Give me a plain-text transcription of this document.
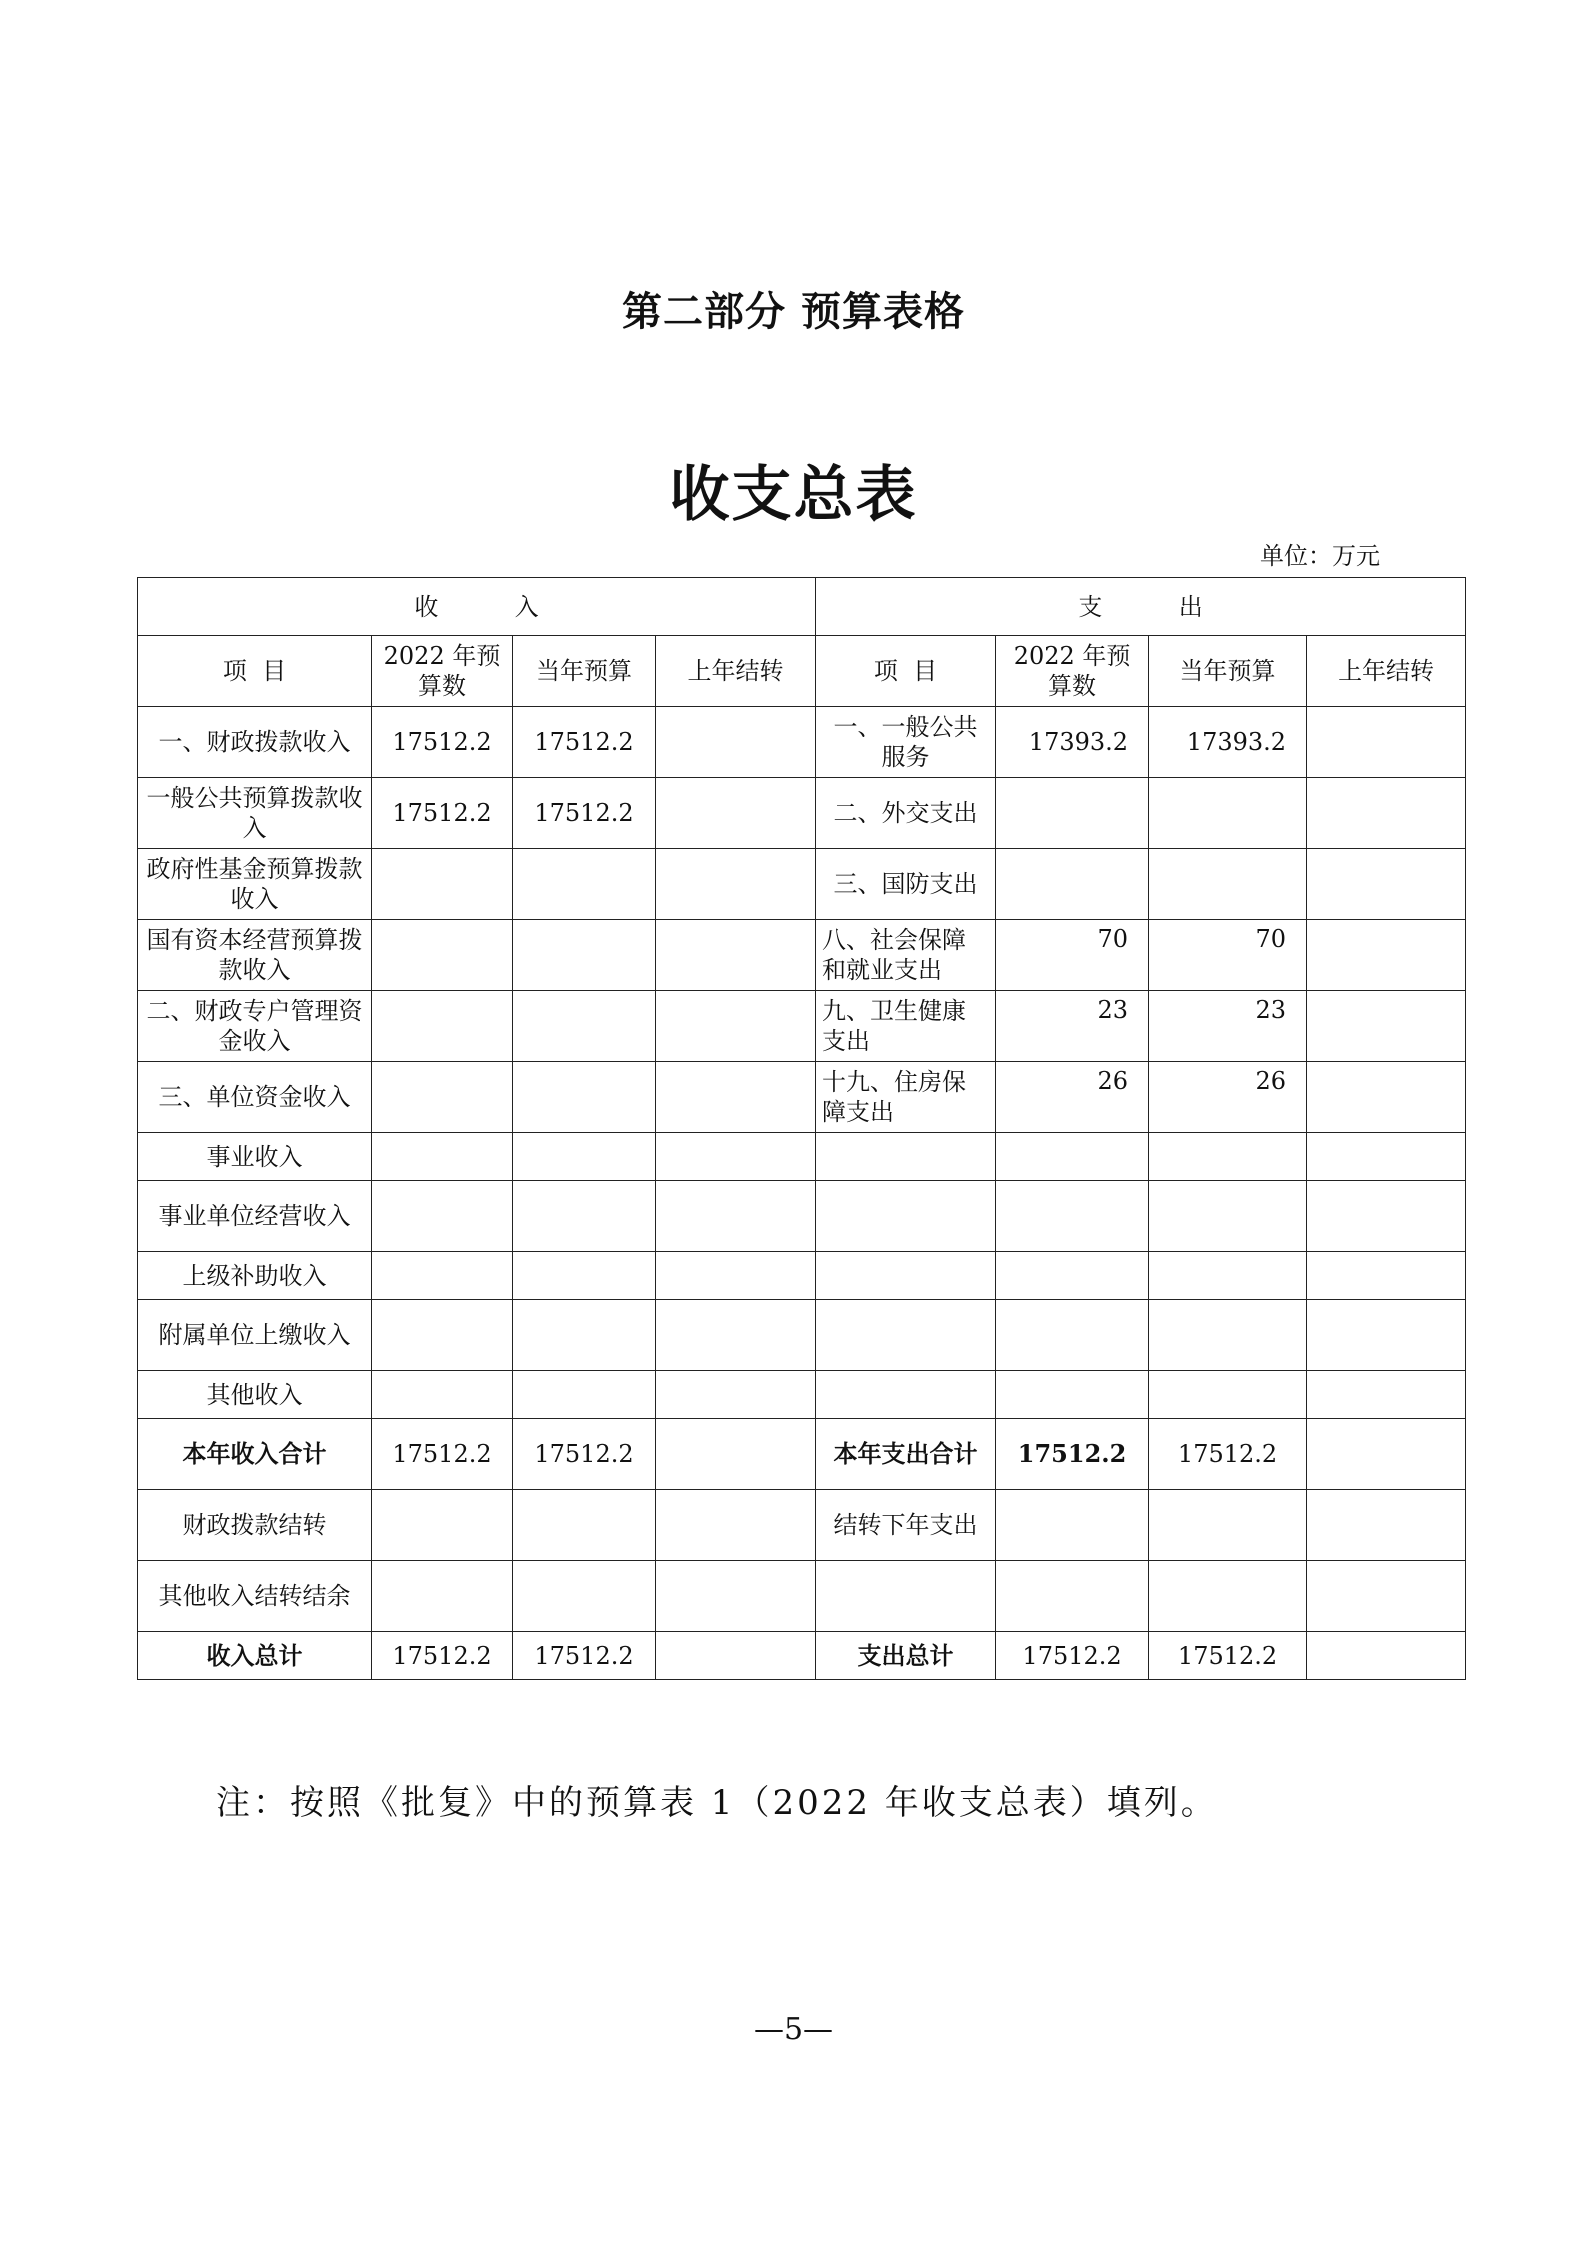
第二部分 预算表格
收支总表
单位：万元
收          入				支          出			
项  目	2022 年预算数	当年预算	上年结转	项  目	2022 年预算数	当年预算	上年结转
一、财政拨款收入	17512.2	17512.2		一、一般公共服务	17393.2	17393.2	
一般公共预算拨款收入	17512.2	17512.2		二、外交支出			
政府性基金预算拨款收入				三、国防支出			
国有资本经营预算拨款收入				八、社会保障和就业支出	70	70	
二、财政专户管理资金收入				九、卫生健康支出	23	23	
三、单位资金收入				十九、住房保障支出	26	26	
事业收入							
事业单位经营收入							
上级补助收入							
附属单位上缴收入							
其他收入							
本年收入合计	17512.2	17512.2		本年支出合计	17512.2	17512.2	
财政拨款结转				结转下年支出			
其他收入结转结余							
收入总计	17512.2	17512.2		支出总计	17512.2	17512.2	
注：按照《批复》中的预算表 1（2022 年收支总表）填列。
—5—
